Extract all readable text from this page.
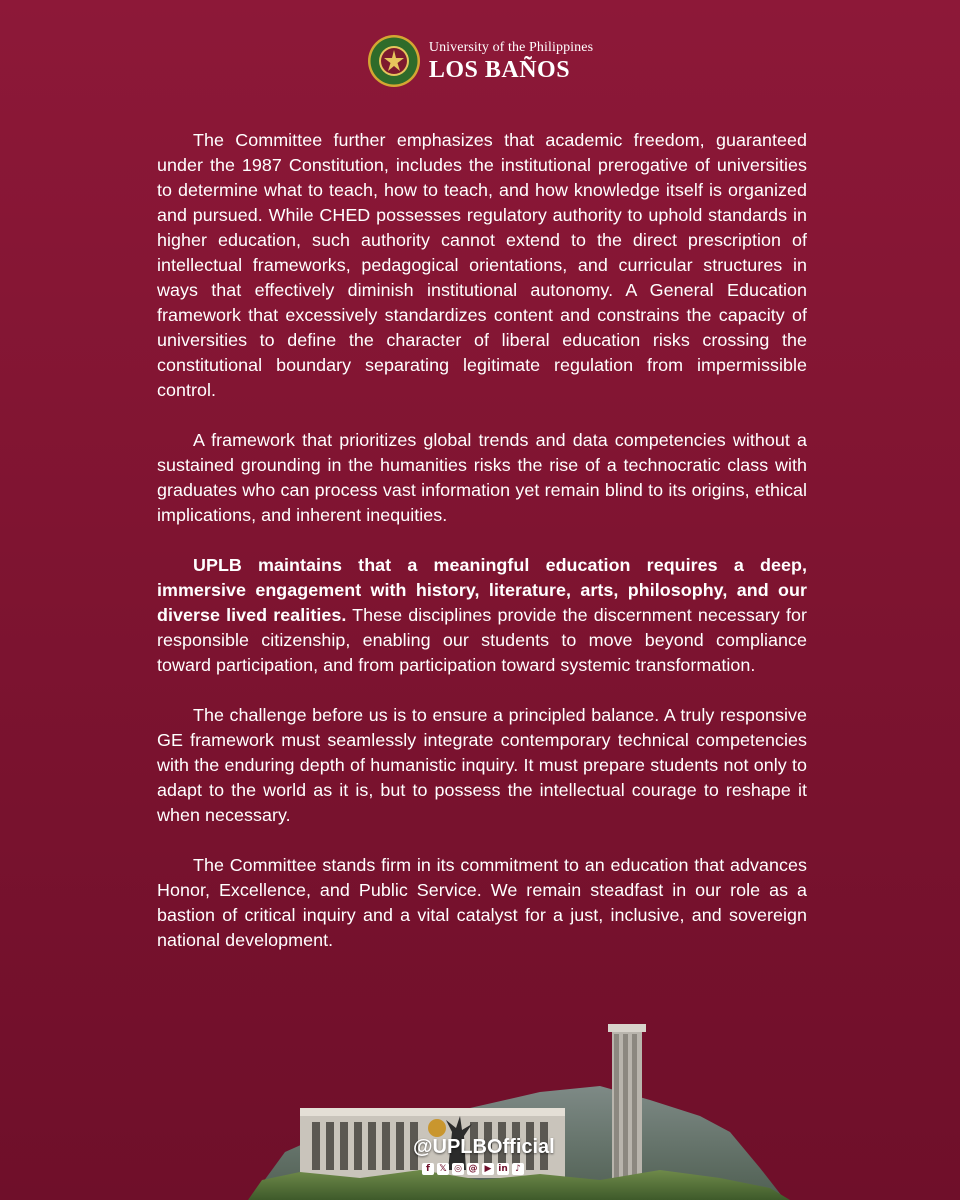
University of the Philippines
LOS BAÑOS

The Committee further emphasizes that academic freedom, guaranteed under the 1987 Constitution, includes the institutional prerogative of universities to determine what to teach, how to teach, and how knowledge itself is organized and pursued. While CHED possesses regulatory authority to uphold standards in higher education, such authority cannot extend to the direct prescription of intellectual frameworks, pedagogical orientations, and curricular structures in ways that effectively diminish institutional autonomy. A General Education framework that excessively standardizes content and constrains the capacity of universities to define the character of liberal education risks crossing the constitutional boundary separating legitimate regulation from impermissible control.

A framework that prioritizes global trends and data competencies without a sustained grounding in the humanities risks the rise of a technocratic class with graduates who can process vast information yet remain blind to its origins, ethical implications, and inherent inequities.

UPLB maintains that a meaningful education requires a deep, immersive engagement with history, literature, arts, philosophy, and our diverse lived realities. These disciplines provide the discernment necessary for responsible citizenship, enabling our students to move beyond compliance toward participation, and from participation toward systemic transformation.

The challenge before us is to ensure a principled balance. A truly responsive GE framework must seamlessly integrate contemporary technical competencies with the enduring depth of humanistic inquiry. It must prepare students not only to adapt to the world as it is, but to possess the intellectual courage to reshape it when necessary.

The Committee stands firm in its commitment to an education that advances Honor, Excellence, and Public Service. We remain steadfast in our role as a bastion of critical inquiry and a vital catalyst for a just, inclusive, and sovereign national development.

@UPLBOfficial
f	𝕏 ◎ @ ▶ in ♪
